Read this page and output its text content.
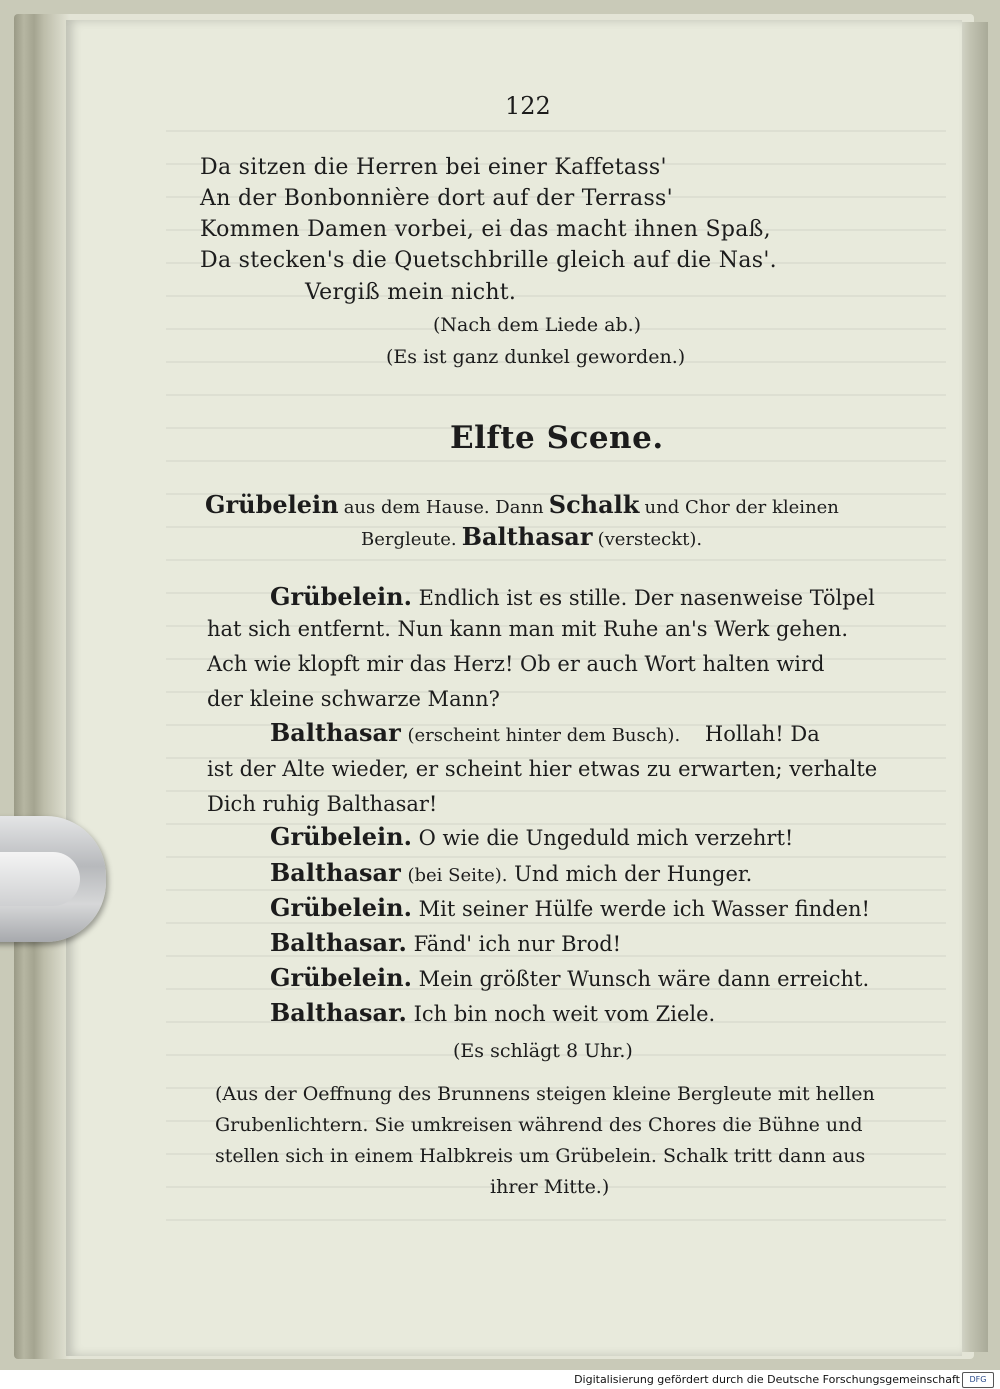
122
Da sitzen die Herren bei einer Kaffetass'
An der Bonbonnière dort auf der Terrass'
Kommen Damen vorbei, ei das macht ihnen Spaß,
Da stecken's die Quetschbrille gleich auf die Nas'.
Vergiß mein nicht.
(Nach dem Liede ab.)
(Es ist ganz dunkel geworden.)
Elfte Scene.
Grübelein aus dem Hause. Dann Schalk und Chor der kleinen
Bergleute. Balthasar (versteckt).
Grübelein. Endlich ist es stille. Der nasenweise Tölpel
hat sich entfernt. Nun kann man mit Ruhe an's Werk gehen.
Ach wie klopft mir das Herz! Ob er auch Wort halten wird
der kleine schwarze Mann?
Balthasar (erscheint hinter dem Busch). Hollah! Da
ist der Alte wieder, er scheint hier etwas zu erwarten; verhalte
Dich ruhig Balthasar!
Grübelein. O wie die Ungeduld mich verzehrt!
Balthasar (bei Seite). Und mich der Hunger.
Grübelein. Mit seiner Hülfe werde ich Wasser finden!
Balthasar. Fänd' ich nur Brod!
Grübelein. Mein größter Wunsch wäre dann erreicht.
Balthasar. Ich bin noch weit vom Ziele.
(Es schlägt 8 Uhr.)
(Aus der Oeffnung des Brunnens steigen kleine Bergleute mit hellen
Grubenlichtern. Sie umkreisen während des Chores die Bühne und
stellen sich in einem Halbkreis um Grübelein. Schalk tritt dann aus
ihrer Mitte.)
Digitalisierung gefördert durch die Deutsche Forschungsgemeinschaft	DFG
